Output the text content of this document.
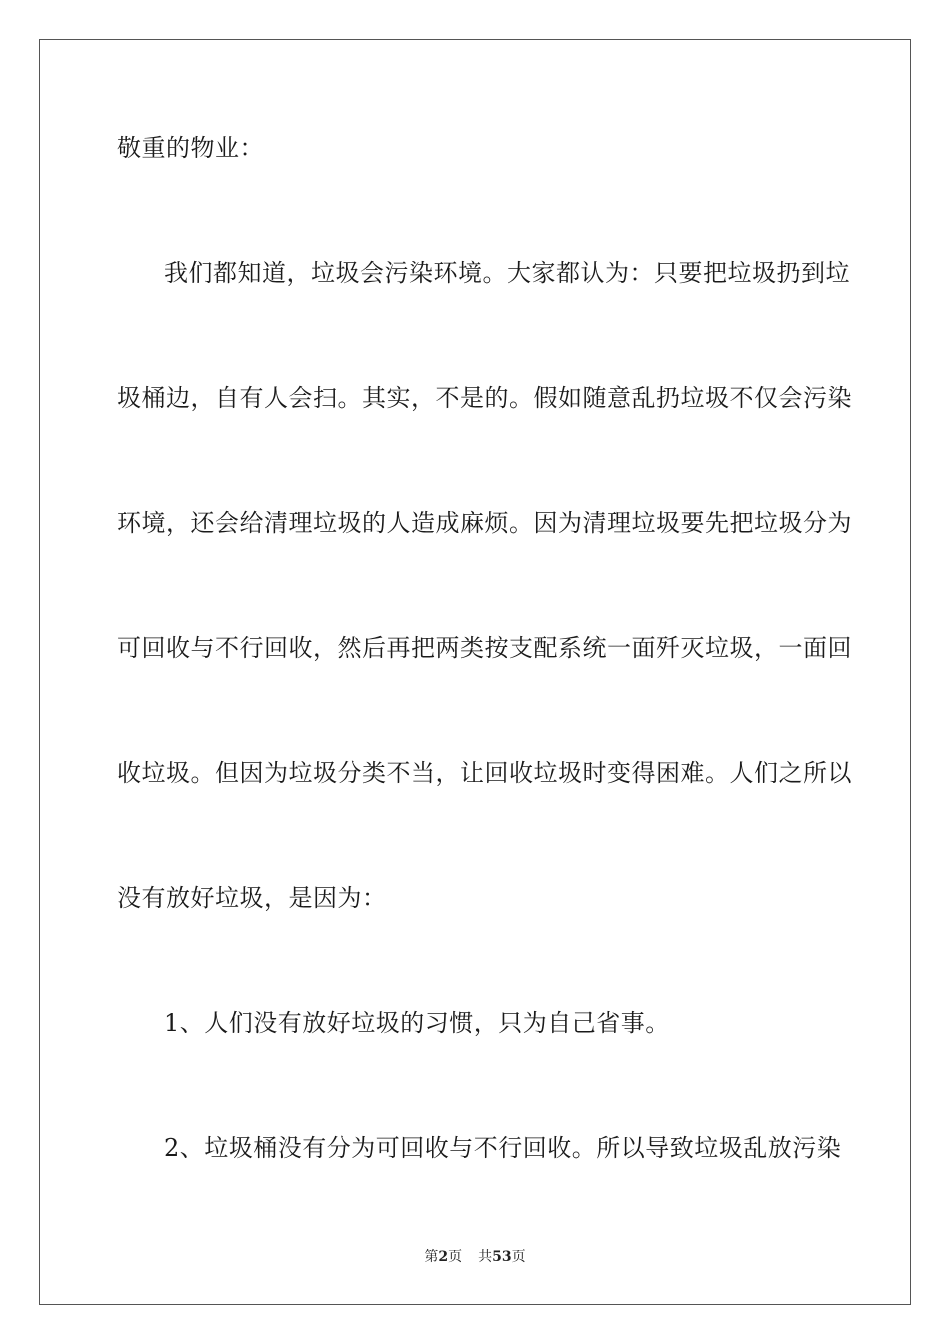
敬重的物业：
我们都知道，垃圾会污染环境。大家都认为：只要把垃圾扔到垃
圾桶边，自有人会扫。其实，不是的。假如随意乱扔垃圾不仅会污染
环境，还会给清理垃圾的人造成麻烦。因为清理垃圾要先把垃圾分为
可回收与不行回收，然后再把两类按支配系统一面歼灭垃圾，一面回
收垃圾。但因为垃圾分类不当，让回收垃圾时变得困难。人们之所以
没有放好垃圾，是因为：
1、人们没有放好垃圾的习惯，只为自己省事。
2、垃圾桶没有分为可回收与不行回收。所以导致垃圾乱放污染
第2页 共53页
